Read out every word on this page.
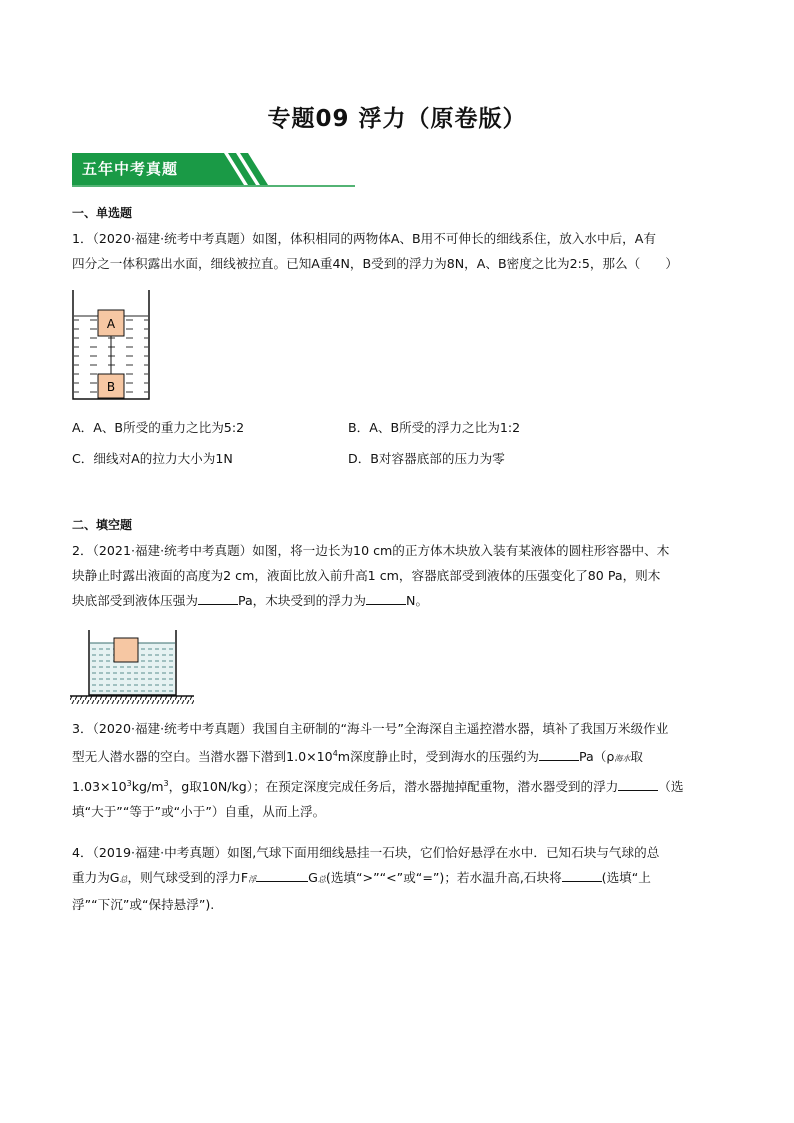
专题09 浮力（原卷版）
五年中考真题
一、单选题
1．（2020·福建·统考中考真题）如图，体积相同的两物体A、B用不可伸长的细线系住，放入水中后，A有
四分之一体积露出水面，细线被拉直。已知A重4N，B受到的浮力为8N，A、B密度之比为2:5，那么（　　）
A
B
A．A、B所受的重力之比为5:2	B．A、B所受的浮力之比为1:2
C．细线对A的拉力大小为1N	D．B对容器底部的压力为零
二、填空题
2．（2021·福建·统考中考真题）如图，将一边长为10 cm的正方体木块放入装有某液体的圆柱形容器中、木
块静止时露出液面的高度为2 cm，液面比放入前升高1 cm，容器底部受到液体的压强变化了80 Pa，则木
块底部受到液体压强为	Pa，木块受到的浮力为	N。
3．（2020·福建·统考中考真题）我国自主研制的“海斗一号”全海深自主遥控潜水器，填补了我国万米级作业
型无人潜水器的空白。当潜水器下潜到$1.0\times 10^4m$深度静止时，受到海水的压强约为	Pa（ρ海水取
$1.03\times 10^3kg/m^3$，g取10N/kg）；在预定深度完成任务后，潜水器抛掉配重物，潜水器受到的浮力	（选
填“大于”“等于”或“小于”）自重，从而上浮。
4．（2019·福建·中考真题）如图,气球下面用细线悬挂一石块，它们恰好悬浮在水中．已知石块与气球的总
重力为G总，则气球受到的浮力F浮	G总(选填“>”“<”或“=”)；若水温升高,石块将	(选填“上
浮”“下沉”或“保持悬浮”).
